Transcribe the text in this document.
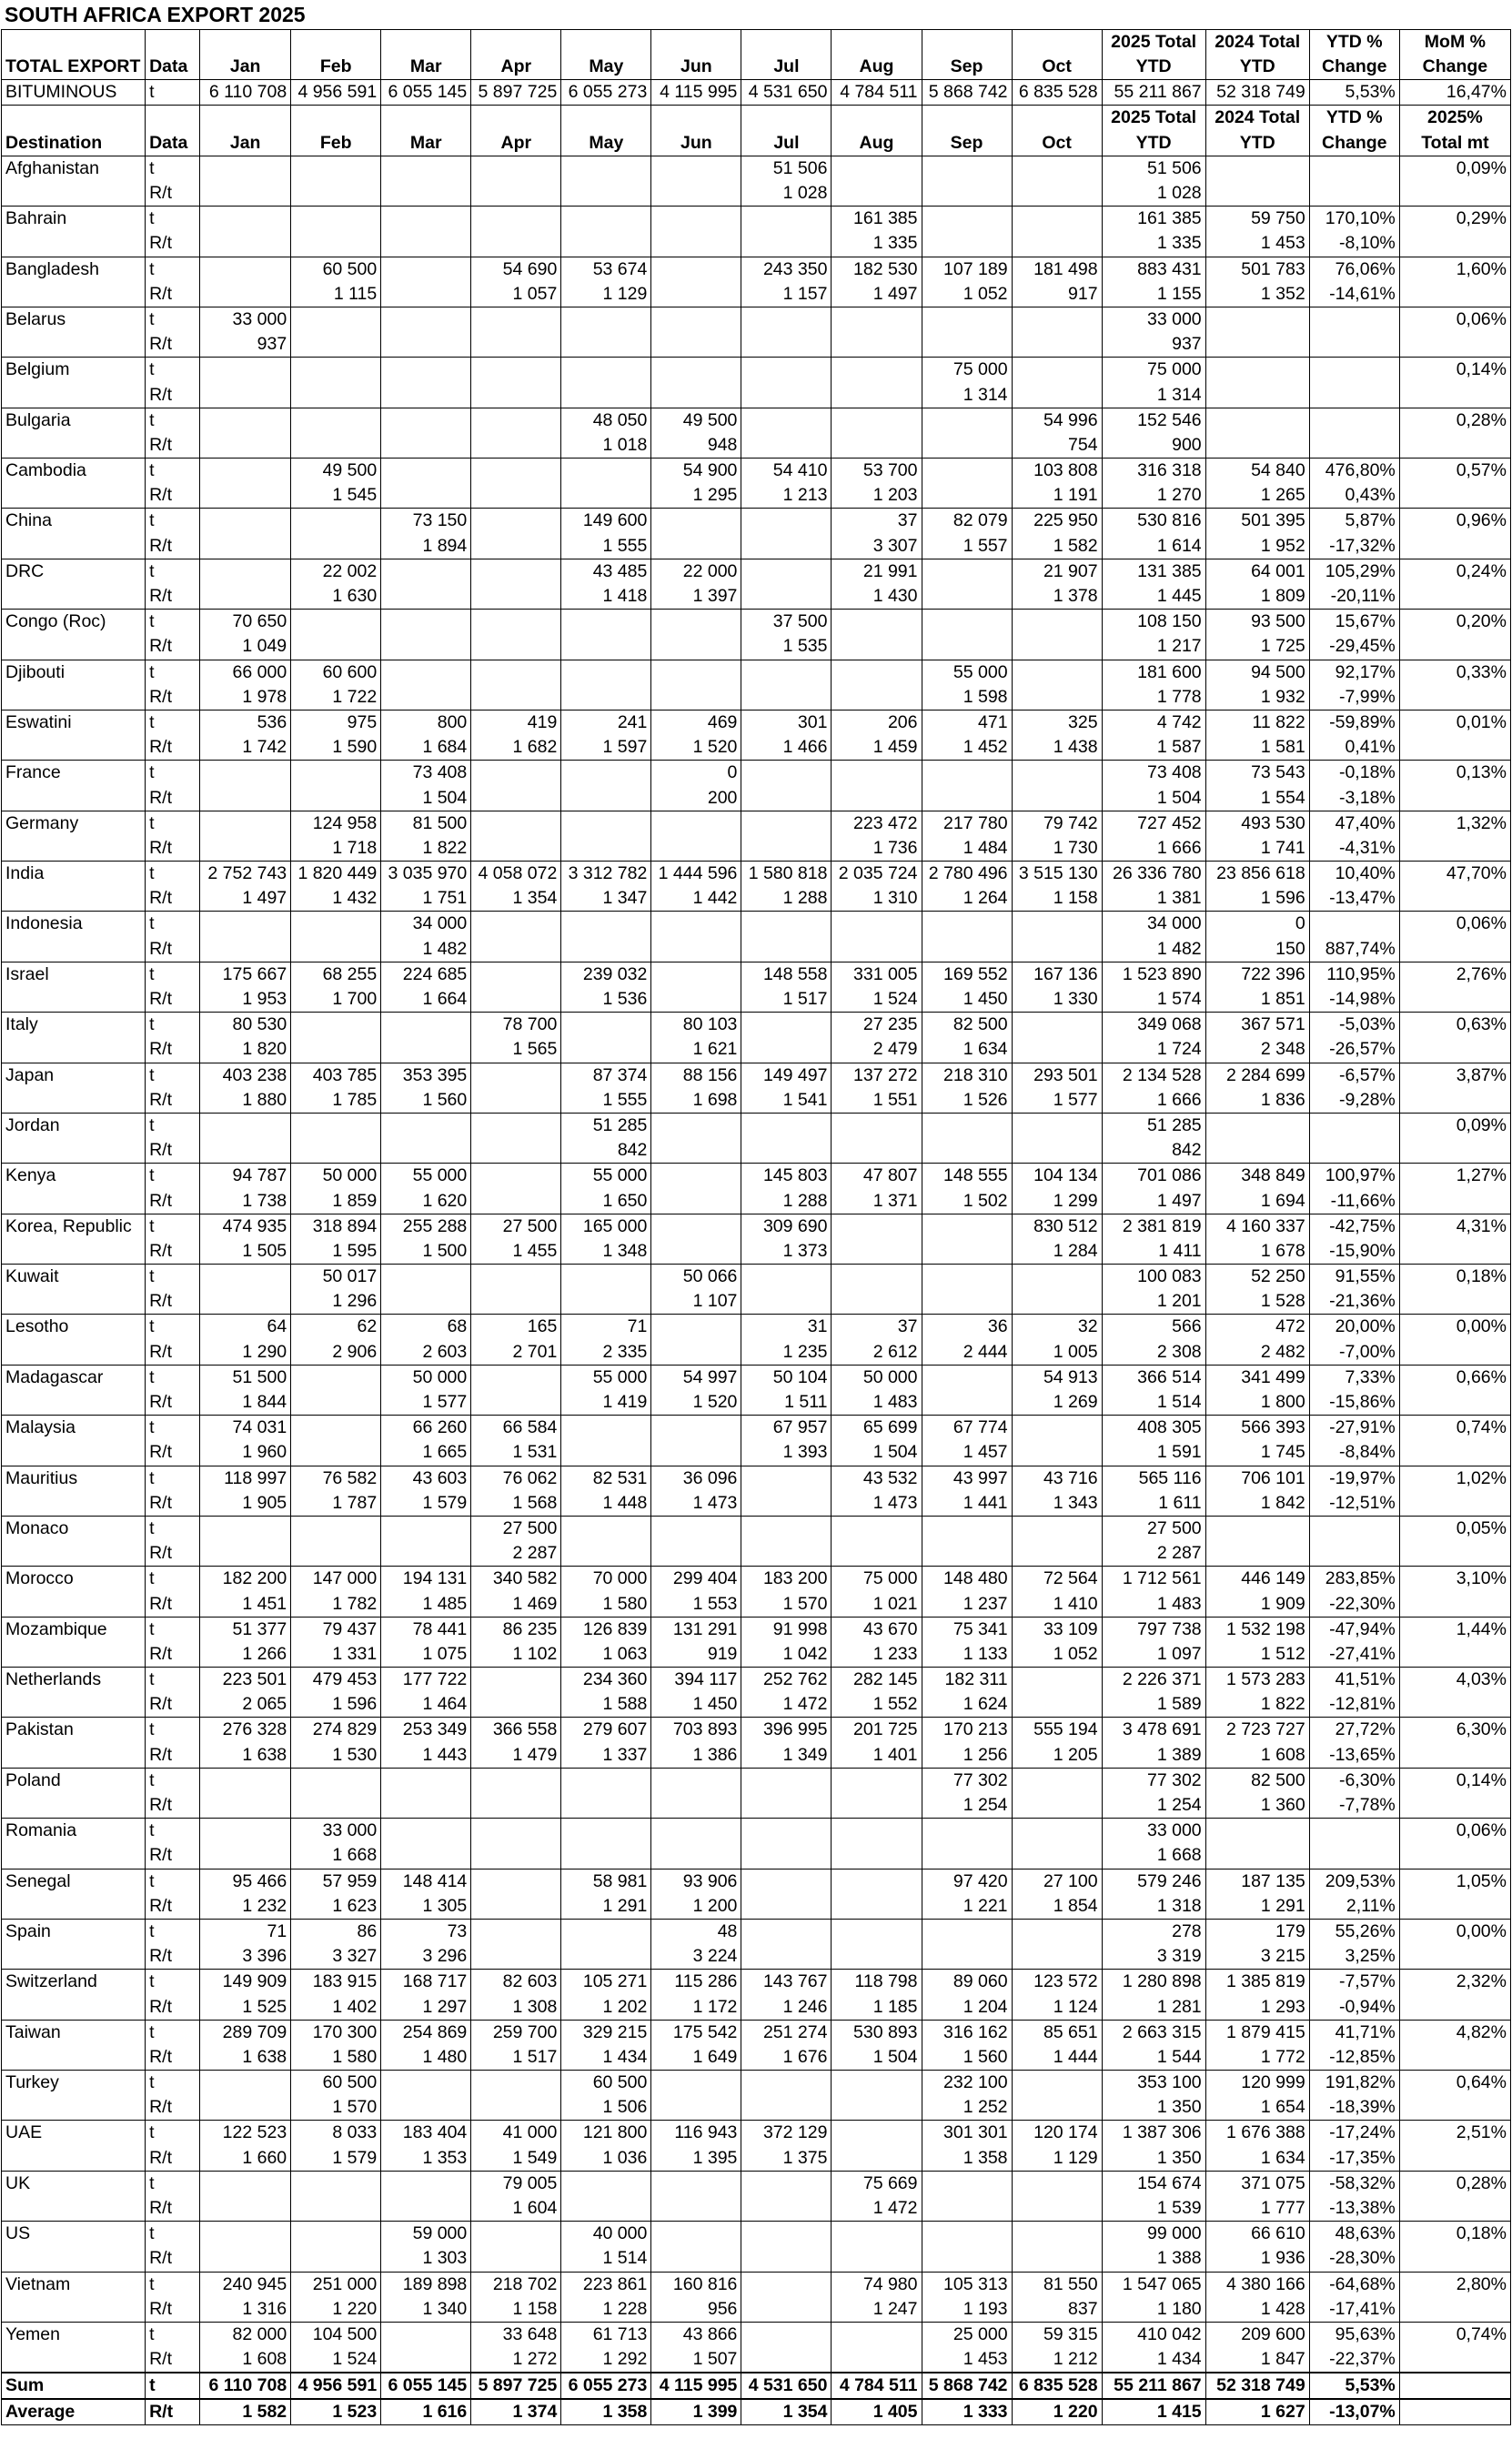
SOUTH AFRICA EXPORT 2025
												2025 Total	2024 Total	YTD %	MoM %
TOTAL EXPORT	Data	Jan	Feb	Mar	Apr	May	Jun	Jul	Aug	Sep	Oct	YTD	YTD	Change	Change
BITUMINOUS	t	6 110 708	4 956 591	6 055 145	5 897 725	6 055 273	4 115 995	4 531 650	4 784 511	5 868 742	6 835 528	55 211 867	52 318 749	5,53%	16,47%
												2025 Total	2024 Total	YTD %	2025%
Destination	Data	Jan	Feb	Mar	Apr	May	Jun	Jul	Aug	Sep	Oct	YTD	YTD	Change	Total mt
Afghanistan	t							51 506				51 506			0,09%
	R/t							1 028				1 028			
Bahrain	t								161 385			161 385	59 750	170,10%	0,29%
	R/t								1 335			1 335	1 453	-8,10%	
Bangladesh	t		60 500		54 690	53 674		243 350	182 530	107 189	181 498	883 431	501 783	76,06%	1,60%
	R/t		1 115		1 057	1 129		1 157	1 497	1 052	917	1 155	1 352	-14,61%	
Belarus	t	33 000										33 000			0,06%
	R/t	937										937			
Belgium	t									75 000		75 000			0,14%
	R/t									1 314		1 314			
Bulgaria	t					48 050	49 500				54 996	152 546			0,28%
	R/t					1 018	948				754	900			
Cambodia	t		49 500				54 900	54 410	53 700		103 808	316 318	54 840	476,80%	0,57%
	R/t		1 545				1 295	1 213	1 203		1 191	1 270	1 265	0,43%	
China	t			73 150		149 600			37	82 079	225 950	530 816	501 395	5,87%	0,96%
	R/t			1 894		1 555			3 307	1 557	1 582	1 614	1 952	-17,32%	
DRC	t		22 002			43 485	22 000		21 991		21 907	131 385	64 001	105,29%	0,24%
	R/t		1 630			1 418	1 397		1 430		1 378	1 445	1 809	-20,11%	
Congo (Roc)	t	70 650						37 500				108 150	93 500	15,67%	0,20%
	R/t	1 049						1 535				1 217	1 725	-29,45%	
Djibouti	t	66 000	60 600							55 000		181 600	94 500	92,17%	0,33%
	R/t	1 978	1 722							1 598		1 778	1 932	-7,99%	
Eswatini	t	536	975	800	419	241	469	301	206	471	325	4 742	11 822	-59,89%	0,01%
	R/t	1 742	1 590	1 684	1 682	1 597	1 520	1 466	1 459	1 452	1 438	1 587	1 581	0,41%	
France	t			73 408			0					73 408	73 543	-0,18%	0,13%
	R/t			1 504			200					1 504	1 554	-3,18%	
Germany	t		124 958	81 500					223 472	217 780	79 742	727 452	493 530	47,40%	1,32%
	R/t		1 718	1 822					1 736	1 484	1 730	1 666	1 741	-4,31%	
India	t	2 752 743	1 820 449	3 035 970	4 058 072	3 312 782	1 444 596	1 580 818	2 035 724	2 780 496	3 515 130	26 336 780	23 856 618	10,40%	47,70%
	R/t	1 497	1 432	1 751	1 354	1 347	1 442	1 288	1 310	1 264	1 158	1 381	1 596	-13,47%	
Indonesia	t			34 000								34 000	0		0,06%
	R/t			1 482								1 482	150	887,74%	
Israel	t	175 667	68 255	224 685		239 032		148 558	331 005	169 552	167 136	1 523 890	722 396	110,95%	2,76%
	R/t	1 953	1 700	1 664		1 536		1 517	1 524	1 450	1 330	1 574	1 851	-14,98%	
Italy	t	80 530			78 700		80 103		27 235	82 500		349 068	367 571	-5,03%	0,63%
	R/t	1 820			1 565		1 621		2 479	1 634		1 724	2 348	-26,57%	
Japan	t	403 238	403 785	353 395		87 374	88 156	149 497	137 272	218 310	293 501	2 134 528	2 284 699	-6,57%	3,87%
	R/t	1 880	1 785	1 560		1 555	1 698	1 541	1 551	1 526	1 577	1 666	1 836	-9,28%	
Jordan	t					51 285						51 285			0,09%
	R/t					842						842			
Kenya	t	94 787	50 000	55 000		55 000		145 803	47 807	148 555	104 134	701 086	348 849	100,97%	1,27%
	R/t	1 738	1 859	1 620		1 650		1 288	1 371	1 502	1 299	1 497	1 694	-11,66%	
Korea, Republic	t	474 935	318 894	255 288	27 500	165 000		309 690			830 512	2 381 819	4 160 337	-42,75%	4,31%
	R/t	1 505	1 595	1 500	1 455	1 348		1 373			1 284	1 411	1 678	-15,90%	
Kuwait	t		50 017				50 066					100 083	52 250	91,55%	0,18%
	R/t		1 296				1 107					1 201	1 528	-21,36%	
Lesotho	t	64	62	68	165	71		31	37	36	32	566	472	20,00%	0,00%
	R/t	1 290	2 906	2 603	2 701	2 335		1 235	2 612	2 444	1 005	2 308	2 482	-7,00%	
Madagascar	t	51 500		50 000		55 000	54 997	50 104	50 000		54 913	366 514	341 499	7,33%	0,66%
	R/t	1 844		1 577		1 419	1 520	1 511	1 483		1 269	1 514	1 800	-15,86%	
Malaysia	t	74 031		66 260	66 584			67 957	65 699	67 774		408 305	566 393	-27,91%	0,74%
	R/t	1 960		1 665	1 531			1 393	1 504	1 457		1 591	1 745	-8,84%	
Mauritius	t	118 997	76 582	43 603	76 062	82 531	36 096		43 532	43 997	43 716	565 116	706 101	-19,97%	1,02%
	R/t	1 905	1 787	1 579	1 568	1 448	1 473		1 473	1 441	1 343	1 611	1 842	-12,51%	
Monaco	t				27 500							27 500			0,05%
	R/t				2 287							2 287			
Morocco	t	182 200	147 000	194 131	340 582	70 000	299 404	183 200	75 000	148 480	72 564	1 712 561	446 149	283,85%	3,10%
	R/t	1 451	1 782	1 485	1 469	1 580	1 553	1 570	1 021	1 237	1 410	1 483	1 909	-22,30%	
Mozambique	t	51 377	79 437	78 441	86 235	126 839	131 291	91 998	43 670	75 341	33 109	797 738	1 532 198	-47,94%	1,44%
	R/t	1 266	1 331	1 075	1 102	1 063	919	1 042	1 233	1 133	1 052	1 097	1 512	-27,41%	
Netherlands	t	223 501	479 453	177 722		234 360	394 117	252 762	282 145	182 311		2 226 371	1 573 283	41,51%	4,03%
	R/t	2 065	1 596	1 464		1 588	1 450	1 472	1 552	1 624		1 589	1 822	-12,81%	
Pakistan	t	276 328	274 829	253 349	366 558	279 607	703 893	396 995	201 725	170 213	555 194	3 478 691	2 723 727	27,72%	6,30%
	R/t	1 638	1 530	1 443	1 479	1 337	1 386	1 349	1 401	1 256	1 205	1 389	1 608	-13,65%	
Poland	t									77 302		77 302	82 500	-6,30%	0,14%
	R/t									1 254		1 254	1 360	-7,78%	
Romania	t		33 000									33 000			0,06%
	R/t		1 668									1 668			
Senegal	t	95 466	57 959	148 414		58 981	93 906			97 420	27 100	579 246	187 135	209,53%	1,05%
	R/t	1 232	1 623	1 305		1 291	1 200			1 221	1 854	1 318	1 291	2,11%	
Spain	t	71	86	73			48					278	179	55,26%	0,00%
	R/t	3 396	3 327	3 296			3 224					3 319	3 215	3,25%	
Switzerland	t	149 909	183 915	168 717	82 603	105 271	115 286	143 767	118 798	89 060	123 572	1 280 898	1 385 819	-7,57%	2,32%
	R/t	1 525	1 402	1 297	1 308	1 202	1 172	1 246	1 185	1 204	1 124	1 281	1 293	-0,94%	
Taiwan	t	289 709	170 300	254 869	259 700	329 215	175 542	251 274	530 893	316 162	85 651	2 663 315	1 879 415	41,71%	4,82%
	R/t	1 638	1 580	1 480	1 517	1 434	1 649	1 676	1 504	1 560	1 444	1 544	1 772	-12,85%	
Turkey	t		60 500			60 500				232 100		353 100	120 999	191,82%	0,64%
	R/t		1 570			1 506				1 252		1 350	1 654	-18,39%	
UAE	t	122 523	8 033	183 404	41 000	121 800	116 943	372 129		301 301	120 174	1 387 306	1 676 388	-17,24%	2,51%
	R/t	1 660	1 579	1 353	1 549	1 036	1 395	1 375		1 358	1 129	1 350	1 634	-17,35%	
UK	t				79 005				75 669			154 674	371 075	-58,32%	0,28%
	R/t				1 604				1 472			1 539	1 777	-13,38%	
US	t			59 000		40 000						99 000	66 610	48,63%	0,18%
	R/t			1 303		1 514						1 388	1 936	-28,30%	
Vietnam	t	240 945	251 000	189 898	218 702	223 861	160 816		74 980	105 313	81 550	1 547 065	4 380 166	-64,68%	2,80%
	R/t	1 316	1 220	1 340	1 158	1 228	956		1 247	1 193	837	1 180	1 428	-17,41%	
Yemen	t	82 000	104 500		33 648	61 713	43 866			25 000	59 315	410 042	209 600	95,63%	0,74%
	R/t	1 608	1 524		1 272	1 292	1 507			1 453	1 212	1 434	1 847	-22,37%	
Sum	t	6 110 708	4 956 591	6 055 145	5 897 725	6 055 273	4 115 995	4 531 650	4 784 511	5 868 742	6 835 528	55 211 867	52 318 749	5,53%	
Average	R/t	1 582	1 523	1 616	1 374	1 358	1 399	1 354	1 405	1 333	1 220	1 415	1 627	-13,07%	
